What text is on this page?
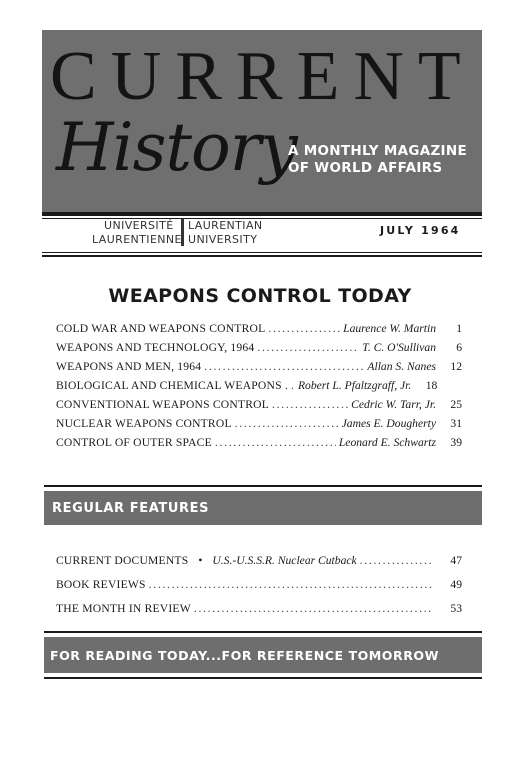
CURRENT
History
A MONTHLY MAGAZINE
OF WORLD AFFAIRS
UNIVERSITÉ LAURENTIAN
LAURENTIENNE UNIVERSITY
JULY 1964
WEAPONS CONTROL TODAY
COLD WAR AND WEAPONS CONTROL . . .	Laurence W. Martin	1
WEAPONS AND TECHNOLOGY, 1964 . . .	T. C. O'Sullivan	6
WEAPONS AND MEN, 1964 . . .	Allan S. Nanes	12
BIOLOGICAL AND CHEMICAL WEAPONS . . . . Robert L. Pfaltzgraff, Jr.	18
CONVENTIONAL WEAPONS CONTROL . . .	Cedric W. Tarr, Jr.	25
NUCLEAR WEAPONS CONTROL . . .	James E. Dougherty	31
CONTROL OF OUTER SPACE . . .	Leonard E. Schwartz	39
REGULAR FEATURES
CURRENT DOCUMENTS • U.S.-U.S.S.R. Nuclear Cutback . . .	47
BOOK REVIEWS . . .	49
THE MONTH IN REVIEW . . .	53
FOR READING TODAY...FOR REFERENCE TOMORROW
